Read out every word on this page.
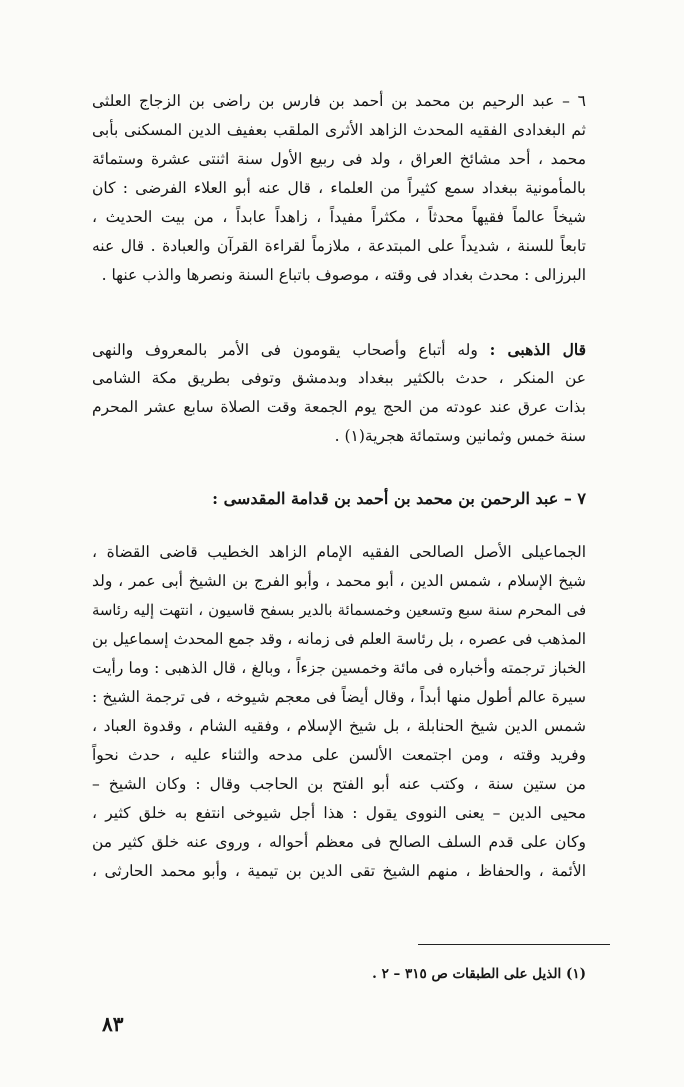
٦ – عبد الرحيم بن محمد بن أحمد بن فارس بن راضى بن الزجاج العلثى
ثم البغدادى الفقيه المحدث الزاهد الأثرى الملقب بعفيف الدين المسكنى بأبى
محمد ، أحد مشائخ العراق ، ولد فى ربيع الأول سنة اثنتى عشرة وستمائة
بالمأمونية ببغداد سمع كثيراً من العلماء ، قال عنه أبو العلاء الفرضى : كان
شيخاً عالماً فقيهاً محدثاً ، مكثراً مفيداً ، زاهداً عابداً ، من بيت الحديث ،
تابعاً للسنة ، شديداً على المبتدعة ، ملازماً لقراءة القرآن والعبادة . قال عنه
البرزالى : محدث بغداد فى وقته ، موصوف باتباع السنة ونصرها والذب عنها .
قال الذهبى : وله أتباع وأصحاب يقومون فى الأمر بالمعروف والنهى
عن المنكر ، حدث بالكثير ببغداد وبدمشق وتوفى بطريق مكة الشامى
بذات عرق عند عودته من الحج يوم الجمعة وقت الصلاة سابع عشر المحرم
سنة خمس وثمانين وستمائة هجرية(١) .
٧ – عبد الرحمن بن محمد بن أحمد بن قدامة المقدسى :
الجماعيلى الأصل الصالحى الفقيه الإمام الزاهد الخطيب قاضى القضاة ،
شيخ الإسلام ، شمس الدين ، أبو محمد ، وأبو الفرج بن الشيخ أبى عمر ، ولد
فى المحرم سنة سبع وتسعين وخمسمائة بالدير بسفح قاسيون ، انتهت إليه رئاسة
المذهب فى عصره ، بل رئاسة العلم فى زمانه ، وقد جمع المحدث إسماعيل بن
الخباز ترجمته وأخباره فى مائة وخمسين جزءاً ، وبالغ ، قال الذهبى : وما رأيت
سيرة عالم أطول منها أبداً ، وقال أيضاً فى معجم شيوخه ، فى ترجمة الشيخ :
شمس الدين شيخ الحنابلة ، بل شيخ الإسلام ، وفقيه الشام ، وقدوة العباد ،
وفريد وقته ، ومن اجتمعت الألسن على مدحه والثناء عليه ، حدث نحواً
من ستين سنة ، وكتب عنه أبو الفتح بن الحاجب وقال : وكان الشيخ –
محيى الدين – يعنى النووى يقول : هذا أجل شيوخى انتفع به خلق كثير ،
وكان على قدم السلف الصالح فى معظم أحواله ، وروى عنه خلق كثير من
الأئمة ، والحفاظ ، منهم الشيخ تقى الدين بن تيمية ، وأبو محمد الحارثى ،

(١) الذيل على الطبقات ص ٣١٥ – ٢ .

٨٣
